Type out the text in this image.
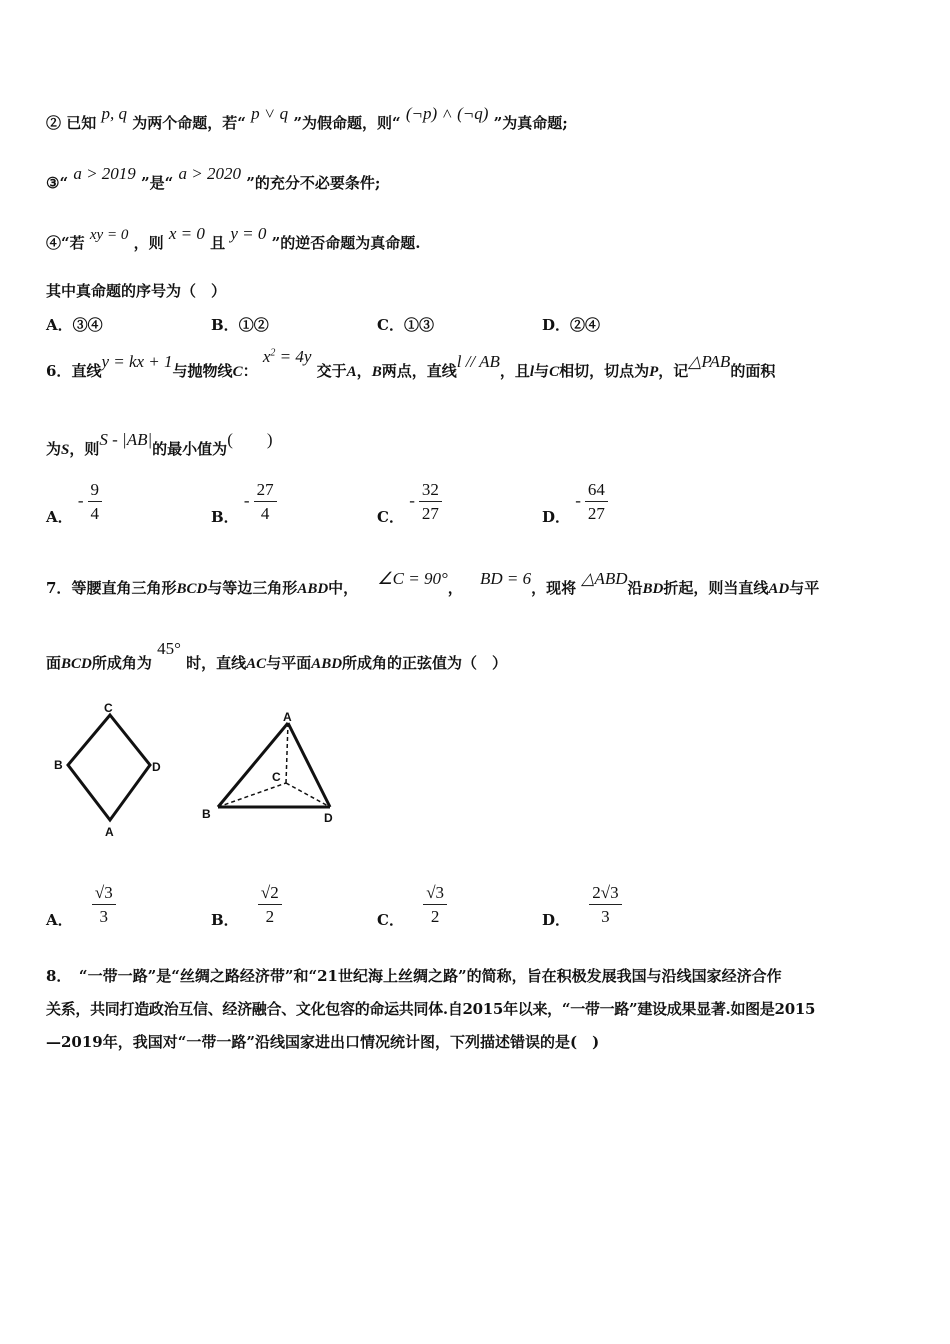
② 已知 p, q 为两个命题，若“ p ˅ q ”为假命题，则“ (¬p) ˄ (¬q) ”为真命题;
③“ a > 2019 ”是“ a > 2020 ”的充分不必要条件;
④“若 xy = 0 ，则 x = 0 且 y = 0 ”的逆否命题为真命题.
其中真命题的序号为（　）
A．③④	B．①②	C．①③	D．②④
6．直线y = kx + 1与抛物线C： $x^2 = 4y$ 交于A，B两点，直线l // AB，且l与C相切，切点为P，记△PAB的面积
为S，则S - |AB|的最小值为(　　)
A． - $\frac{9}{4}$	B． - $\frac{27}{4}$	C． - $\frac{32}{27}$	D． - $\frac{64}{27}$
7．等腰直角三角形BCD与等边三角形ABD中， ∠C = 90°， BD = 6，现将 △ABD沿BD折起，则当直线AD与平
面BCD所成角为 45° 时，直线AC与平面ABD所成角的正弦值为（　）
C
B	D
A
A
C
B	D
A． $\frac{√3}{3}$	B． $\frac{√2}{2}$	C． $\frac{√3}{2}$	D． $\frac{2√3}{3}$
8．　“一带一路”是“丝绸之路经济带”和“21世纪海上丝绸之路”的简称，旨在积极发展我国与沿线国家经济合作
关系，共同打造政治互信、经济融合、文化包容的命运共同体.自2015年以来，“一带一路”建设成果显著.如图是2015
—2019年，我国对“一带一路”沿线国家进出口情况统计图，下列描述错误的是(　)
